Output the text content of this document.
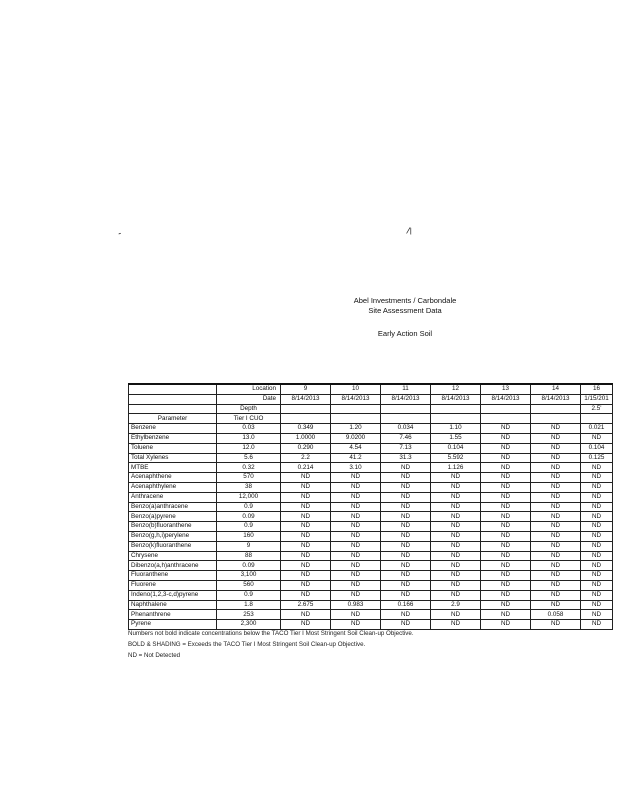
-	/\
Abel Investments / Carbondale
Site Assessment Data
Early Action Soil
	Location	9	10	11	12	13	14	16
	Date	8/14/2013	8/14/2013	8/14/2013	8/14/2013	8/14/2013	8/14/2013	1/15/201
	Depth							2.5'
Parameter	Tier I CUO							
Benzene	0.03	0.349	1.20	0.034	1.10	ND	ND	0.021
Ethylbenzene	13.0	1.0000	9.0200	7.46	1.55	ND	ND	ND
Toluene	12.0	0.290	4.54	7.13	0.104	ND	ND	0.104
Total Xylenes	5.6	2.2	41.2	31.3	5.592	ND	ND	0.125
MTBE	0.32	0.214	3.10	ND	1.126	ND	ND	ND
Acenaphthene	570	ND	ND	ND	ND	ND	ND	ND
Acenaphthylene	38	ND	ND	ND	ND	ND	ND	ND
Anthracene	12,000	ND	ND	ND	ND	ND	ND	ND
Benzo(a)anthracene	0.9	ND	ND	ND	ND	ND	ND	ND
Benzo(a)pyrene	0.09	ND	ND	ND	ND	ND	ND	ND
Benzo(b)fluoranthene	0.9	ND	ND	ND	ND	ND	ND	ND
Benzo(g,h,i)perylene	160	ND	ND	ND	ND	ND	ND	ND
Benzo(k)fluoranthene	9	ND	ND	ND	ND	ND	ND	ND
Chrysene	88	ND	ND	ND	ND	ND	ND	ND
Dibenzo(a,h)anthracene	0.09	ND	ND	ND	ND	ND	ND	ND
Fluoranthene	3,100	ND	ND	ND	ND	ND	ND	ND
Fluorene	560	ND	ND	ND	ND	ND	ND	ND
Indeno(1,2,3-c,d)pyrene	0.9	ND	ND	ND	ND	ND	ND	ND
Naphthalene	1.8	2.675	0.983	0.166	2.9	ND	ND	ND
Phenanthrene	253	ND	ND	ND	ND	ND	0.058	ND
Pyrene	2,300	ND	ND	ND	ND	ND	ND	ND
Numbers not bold indicate concentrations below the TACO Tier I Most Stringent Soil Clean-up Objective.
BOLD & SHADING = Exceeds the TACO Tier I Most Stringent Soil Clean-up Objective.
ND = Not Detected
